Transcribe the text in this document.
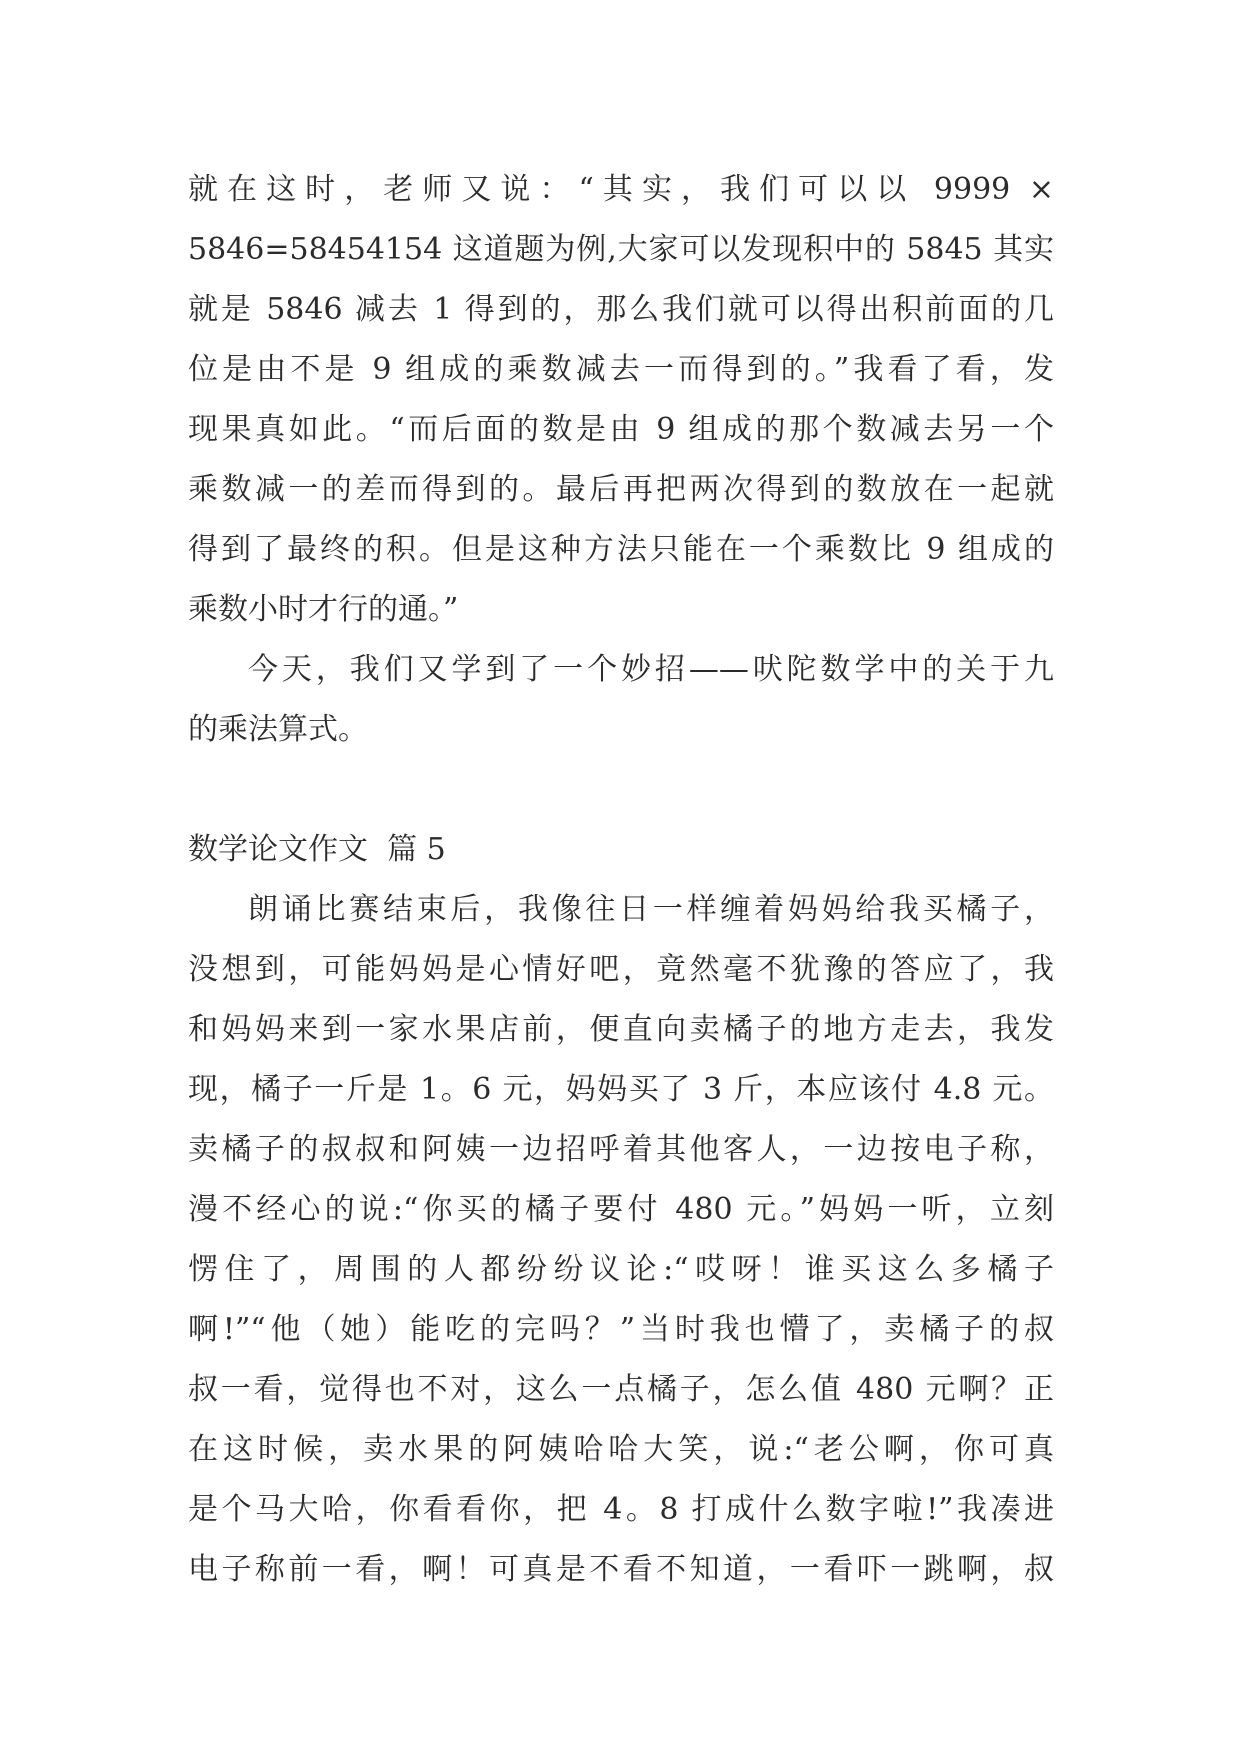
就在这时，老师又说：“其实，我们可以以 9999 ×
5846=58454154 这道题为例,大家可以发现积中的 5845 其实
就是 5846 减去 1 得到的，那么我们就可以得出积前面的几
位是由不是 9 组成的乘数减去一而得到的。”我看了看，发
现果真如此。“而后面的数是由 9 组成的那个数减去另一个
乘数减一的差而得到的。最后再把两次得到的数放在一起就
得到了最终的积。但是这种方法只能在一个乘数比 9 组成的
乘数小时才行的通。”
今天，我们又学到了一个妙招——吠陀数学中的关于九
的乘法算式。
数学论文作文  篇 5
朗诵比赛结束后，我像往日一样缠着妈妈给我买橘子，
没想到，可能妈妈是心情好吧，竟然毫不犹豫的答应了，我
和妈妈来到一家水果店前，便直向卖橘子的地方走去，我发
现，橘子一斤是 1。6 元，妈妈买了 3 斤，本应该付 4.8 元。
卖橘子的叔叔和阿姨一边招呼着其他客人，一边按电子称，
漫不经心的说:“你买的橘子要付 480 元。”妈妈一听，立刻
愣住了，周围的人都纷纷议论:“哎呀！谁买这么多橘子
啊!”“他（她）能吃的完吗？”当时我也懵了，卖橘子的叔
叔一看，觉得也不对，这么一点橘子，怎么值 480 元啊？正
在这时候，卖水果的阿姨哈哈大笑，说:“老公啊，你可真
是个马大哈，你看看你，把 4。8 打成什么数字啦!”我凑进
电子称前一看，啊！可真是不看不知道，一看吓一跳啊，叔
